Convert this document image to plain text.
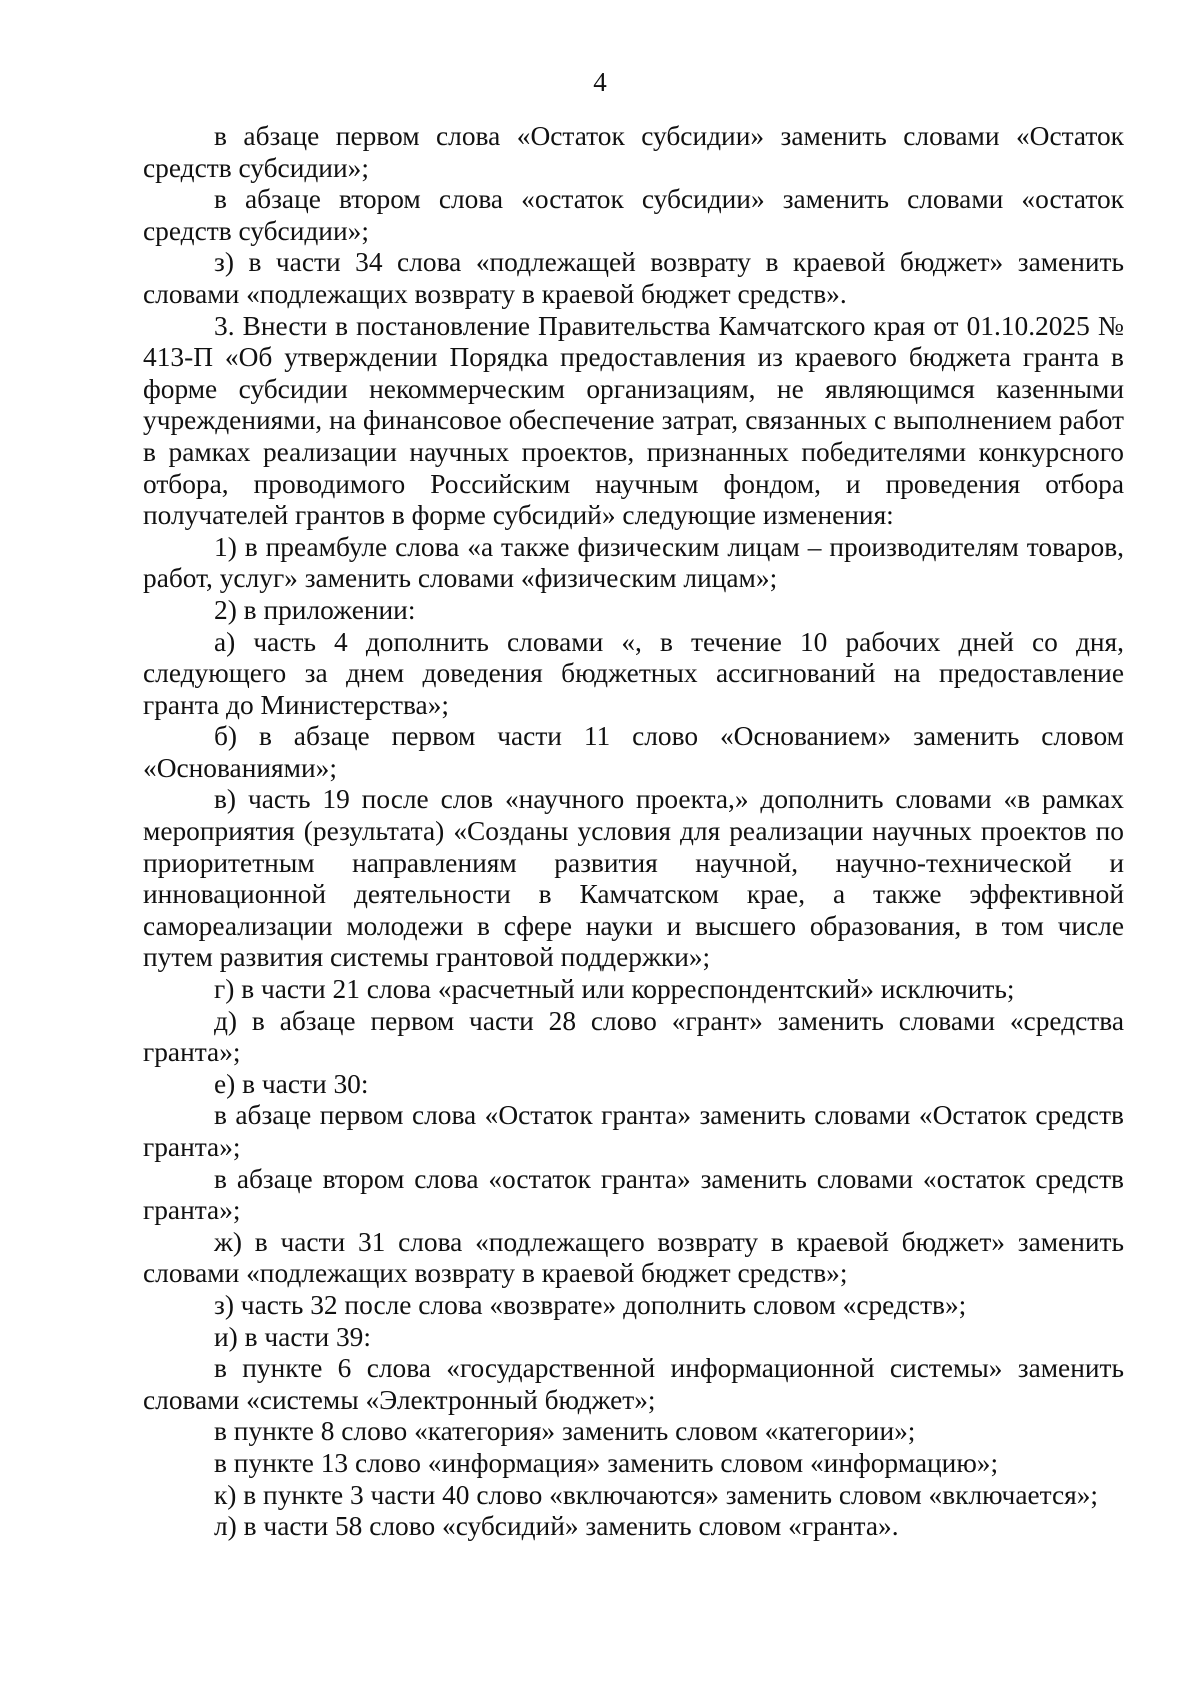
4

в абзаце первом слова «Остаток субсидии» заменить словами «Остаток средств субсидии»;

в абзаце втором слова «остаток субсидии» заменить словами «остаток средств субсидии»;

з) в части 34 слова «подлежащей возврату в краевой бюджет» заменить словами «подлежащих возврату в краевой бюджет средств».

3. Внести в постановление Правительства Камчатского края от 01.10.2025 № 413-П «Об утверждении Порядка предоставления из краевого бюджета гранта в форме субсидии некоммерческим организациям, не являющимся казенными учреждениями, на финансовое обеспечение затрат, связанных с выполнением работ в рамках реализации научных проектов, признанных победителями конкурсного отбора, проводимого Российским научным фондом, и проведения отбора получателей грантов в форме субсидий» следующие изменения:

1) в преамбуле слова «а также физическим лицам – производителям товаров, работ, услуг» заменить словами «физическим лицам»;

2) в приложении:

а) часть 4 дополнить словами «, в течение 10 рабочих дней со дня, следующего за днем доведения бюджетных ассигнований на предоставление гранта до Министерства»;

б) в абзаце первом части 11 слово «Основанием» заменить словом «Основаниями»;

в) часть 19 после слов «научного проекта,» дополнить словами «в рамках мероприятия (результата) «Созданы условия для реализации научных проектов по приоритетным направлениям развития научной, научно-технической и инновационной деятельности в Камчатском крае, а также эффективной самореализации молодежи в сфере науки и высшего образования, в том числе путем развития системы грантовой поддержки»;

г) в части 21 слова «расчетный или корреспондентский» исключить;

д) в абзаце первом части 28 слово «грант» заменить словами «средства гранта»;

е) в части 30:

в абзаце первом слова «Остаток гранта» заменить словами «Остаток средств гранта»;

в абзаце втором слова «остаток гранта» заменить словами «остаток средств гранта»;

ж) в части 31 слова «подлежащего возврату в краевой бюджет» заменить словами «подлежащих возврату в краевой бюджет средств»;

з) часть 32 после слова «возврате» дополнить словом «средств»;

и) в части 39:

в пункте 6 слова «государственной информационной системы» заменить словами «системы «Электронный бюджет»;

в пункте 8 слово «категория» заменить словом «категории»;

в пункте 13 слово «информация» заменить словом «информацию»;

к) в пункте 3 части 40 слово «включаются» заменить словом «включается»;

л) в части 58 слово «субсидий» заменить словом «гранта».
